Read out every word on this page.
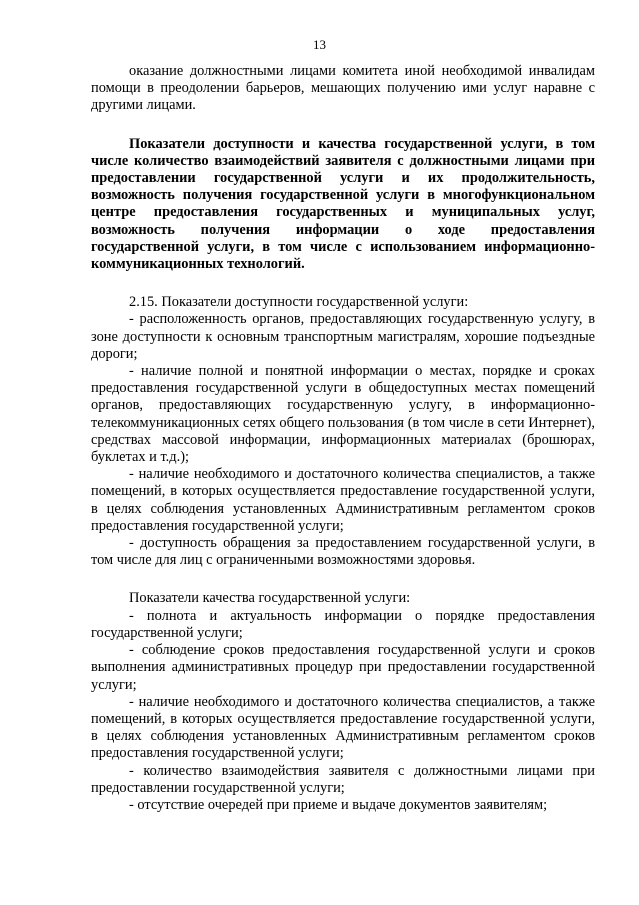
13

оказание должностными лицами комитета иной необходимой инвалидам помощи в преодолении барьеров, мешающих получению ими услуг наравне с другими лицами.

Показатели доступности и качества государственной услуги, в том числе количество взаимодействий заявителя с должностными лицами при предоставлении государственной услуги и их продолжительность, возможность получения государственной услуги в многофункциональном центре предоставления государственных и муниципальных услуг, возможность получения информации о ходе предоставления государственной услуги, в том числе с использованием информационно-коммуникационных технологий.

2.15. Показатели доступности государственной услуги:

- расположенность органов, предоставляющих государственную услугу, в зоне доступности к основным транспортным магистралям, хорошие подъездные дороги;

- наличие полной и понятной информации о местах, порядке и сроках предоставления государственной услуги в общедоступных местах помещений органов, предоставляющих государственную услугу, в информационно-телекоммуникационных сетях общего пользования (в том числе в сети Интернет), средствах массовой информации, информационных материалах (брошюрах, буклетах и т.д.);

- наличие необходимого и достаточного количества специалистов, а также помещений, в которых осуществляется предоставление государственной услуги, в целях соблюдения установленных Административным регламентом сроков предоставления государственной услуги;

- доступность обращения за предоставлением государственной услуги, в том числе для лиц с ограниченными возможностями здоровья.

Показатели качества государственной услуги:

- полнота и актуальность информации о порядке предоставления государственной услуги;

- соблюдение сроков предоставления государственной услуги и сроков выполнения административных процедур при предоставлении государственной услуги;

- наличие необходимого и достаточного количества специалистов, а также помещений, в которых осуществляется предоставление государственной услуги, в целях соблюдения установленных Административным регламентом сроков предоставления государственной услуги;

- количество взаимодействия заявителя с должностными лицами при предоставлении государственной услуги;

- отсутствие очередей при приеме и выдаче документов заявителям;
